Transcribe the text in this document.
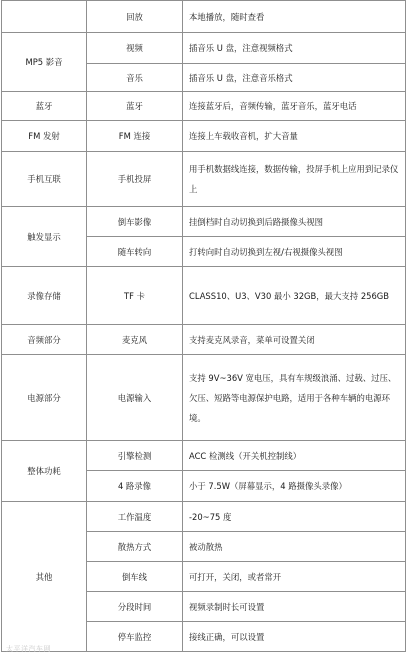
	回放	本地播放，随时查看
MP5 影音	视频	插音乐 U 盘，注意视频格式
	音乐	插音乐 U 盘，注意音乐格式
蓝牙	蓝牙	连接蓝牙后，音频传输，蓝牙音乐，蓝牙电话
FM 发射	FM 连接	连接上车载收音机，扩大音量
手机互联	手机投屏	用手机数据线连接，数据传输，投屏手机上应用到记录仪上
触发显示	倒车影像	挂倒档时自动切换到后路摄像头视图
	随车转向	打转向时自动切换到左视/右视摄像头视图
录像存储	TF 卡	CLASS10、U3、V30 最小 32GB，最大支持 256GB
音频部分	麦克风	支持麦克风录音，菜单可设置关闭
电源部分	电源输入	支持 9V~36V 宽电压，具有车规级浪涌、过载、过压、欠压、短路等电源保护电路，适用于各种车辆的电源环境。
整体功耗	引擎检测	ACC 检测线（开关机控制线）
	4 路录像	小于 7.5W（屏幕显示，4 路摄像头录像）
其他	工作温度	-20~75 度
	散热方式	被动散热
	倒车线	可打开，关闭，或者常开
	分段时间	视频录制时长可设置
	停车监控	接线正确，可以设置
太平洋汽车网
